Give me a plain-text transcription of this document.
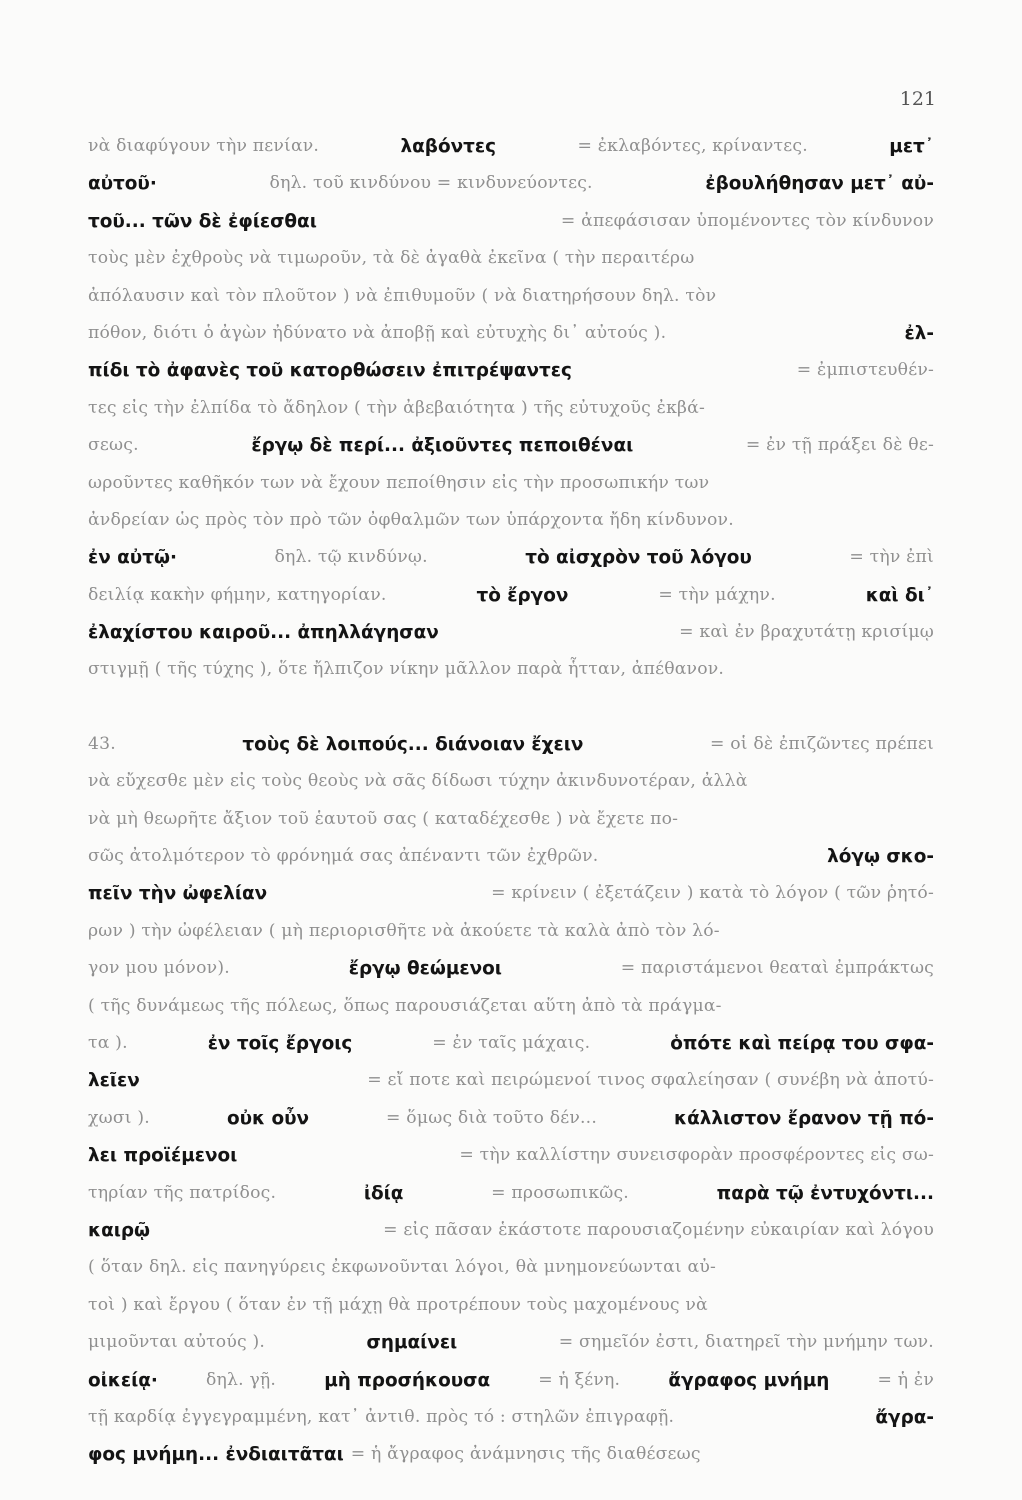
121
νὰ διαφύγουν τὴν πενίαν.	λαβόντες	= ἐκλαβόντες, κρίναντες.	μετ᾿
αὐτοῦ·	δηλ. τοῦ κινδύνου = κινδυνεύοντες.	ἐβουλήθησαν μετ᾿ αὐ-
τοῦ... τῶν δὲ ἐφίεσθαι	= ἀπεφάσισαν ὑπομένοντες τὸν κίνδυνον
τοὺς μὲν ἐχθροὺς νὰ τιμωροῦν, τὰ δὲ ἀγαθὰ ἐκεῖνα ( τὴν περαιτέρω
ἀπόλαυσιν καὶ τὸν πλοῦτον ) νὰ ἐπιθυμοῦν ( νὰ διατηρήσουν δηλ. τὸν
πόθον, διότι ὁ ἀγὼν ἠδύνατο νὰ ἀποβῇ καὶ εὐτυχὴς δι᾿ αὐτούς ).	ἐλ-
πίδι τὸ ἀφανὲς τοῦ κατορθώσειν ἐπιτρέψαντες	= ἐμπιστευθέν-
τες εἰς τὴν ἐλπίδα τὸ ἄδηλον ( τὴν ἀβεβαιότητα ) τῆς εὐτυχοῦς ἐκβά-
σεως.	ἔργῳ δὲ περί... ἀξιοῦντες πεποιθέναι	= ἐν τῇ πράξει δὲ θε-
ωροῦντες καθῆκόν των νὰ ἔχουν πεποίθησιν εἰς τὴν προσωπικήν των
ἀνδρείαν ὡς πρὸς τὸν πρὸ τῶν ὀφθαλμῶν των ὑπάρχοντα ἤδη κίνδυνον.
ἐν αὐτῷ·	δηλ. τῷ κινδύνῳ.	τὸ αἰσχρὸν τοῦ λόγου	= τὴν ἐπὶ
δειλίᾳ κακὴν φήμην, κατηγορίαν.	τὸ ἔργον	= τὴν μάχην.	καὶ δι᾿
ἐλαχίστου καιροῦ... ἀπηλλάγησαν	= καὶ ἐν βραχυτάτῃ κρισίμῳ
στιγμῇ ( τῆς τύχης ), ὅτε ἤλπιζον νίκην μᾶλλον παρὰ ἧτταν, ἀπέθανον.
43.	τοὺς δὲ λοιπούς... διάνοιαν ἔχειν	= οἱ δὲ ἐπιζῶντες πρέπει
νὰ εὔχεσθε μὲν εἰς τοὺς θεοὺς νὰ σᾶς δίδωσι τύχην ἀκινδυνοτέραν, ἀλλὰ
νὰ μὴ θεωρῆτε ἄξιον τοῦ ἑαυτοῦ σας ( καταδέχεσθε ) νὰ ἔχετε πο-
σῶς ἀτολμότερον τὸ φρόνημά σας ἀπέναντι τῶν ἐχθρῶν.	λόγῳ σκο-
πεῖν τὴν ὠφελίαν	= κρίνειν ( ἐξετάζειν ) κατὰ τὸ λόγον ( τῶν ῥητό-
ρων ) τὴν ὠφέλειαν ( μὴ περιορισθῆτε νὰ ἀκούετε τὰ καλὰ ἀπὸ τὸν λό-
γον μου μόνον).	ἔργῳ θεώμενοι	= παριστάμενοι θεαταὶ ἐμπράκτως
( τῆς δυνάμεως τῆς πόλεως, ὅπως παρουσιάζεται αὕτη ἀπὸ τὰ πράγμα-
τα ).	ἐν τοῖς ἔργοις	= ἐν ταῖς μάχαις.	ὁπότε καὶ πείρᾳ του σφα-
λεῖεν	= εἴ ποτε καὶ πειρώμενοί τινος σφαλείησαν ( συνέβη νὰ ἀποτύ-
χωσι ).	οὐκ οὖν	= ὅμως διὰ τοῦτο δέν...	κάλλιστον ἔρανον τῇ πό-
λει προϊέμενοι	= τὴν καλλίστην συνεισφορὰν προσφέροντες εἰς σω-
τηρίαν τῆς πατρίδος.	ἰδίᾳ	= προσωπικῶς.	παρὰ τῷ ἐντυχόντι...
καιρῷ	= εἰς πᾶσαν ἑκάστοτε παρουσιαζομένην εὐκαιρίαν καὶ λόγου
( ὅταν δηλ. εἰς πανηγύρεις ἐκφωνοῦνται λόγοι, θὰ μνημονεύωνται αὐ-
τοὶ ) καὶ ἔργου ( ὅταν ἐν τῇ μάχῃ θὰ προτρέπουν τοὺς μαχομένους νὰ
μιμοῦνται αὐτούς ).	σημαίνει	= σημεῖόν ἐστι, διατηρεῖ τὴν μνήμην των.
οἰκείᾳ·	δηλ. γῇ.	μὴ προσήκουσα	= ἡ ξένη.	ἄγραφος μνήμη	= ἡ ἐν
τῇ καρδίᾳ ἐγγεγραμμένη, κατ᾿ ἀντιθ. πρὸς τό : στηλῶν ἐπιγραφῇ.	ἄγρα-
φος μνήμη... ἐνδιαιτᾶται = ἡ ἄγραφος ἀνάμνησις τῆς διαθέσεως
